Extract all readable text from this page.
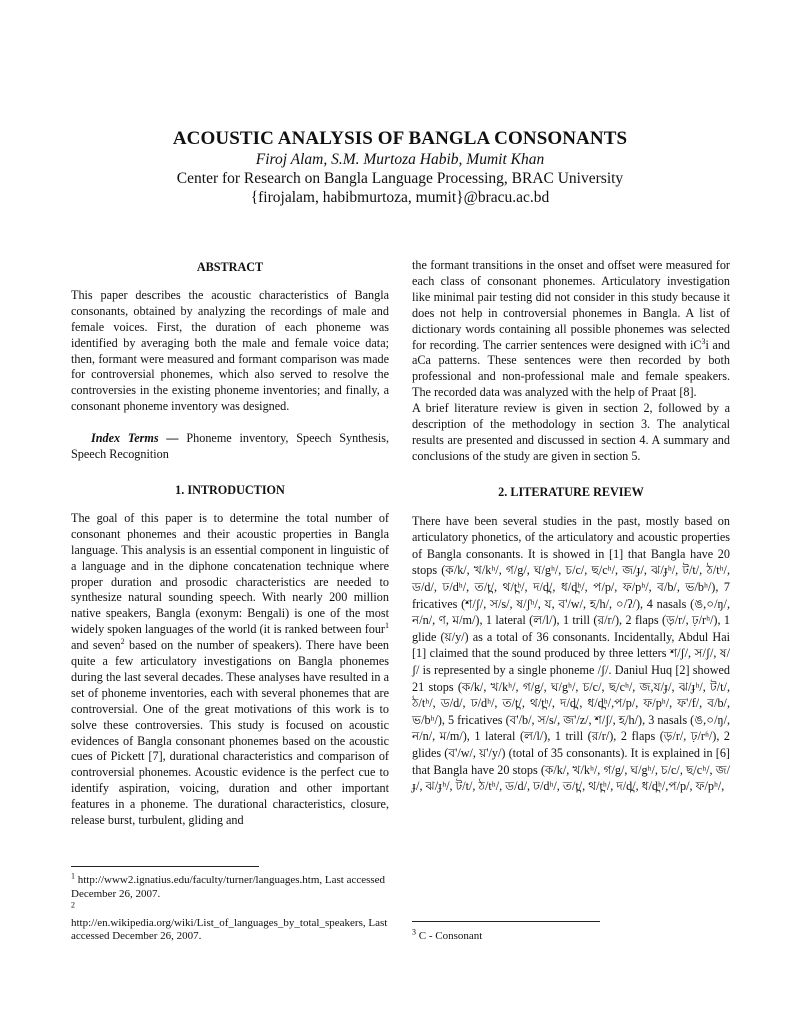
ACOUSTIC ANALYSIS OF BANGLA CONSONANTS
Firoj Alam, S.M. Murtoza Habib, Mumit Khan
Center for Research on Bangla Language Processing, BRAC University
{firojalam, habibmurtoza, mumit}@bracu.ac.bd
ABSTRACT

This paper describes the acoustic characteristics of Bangla consonants, obtained by analyzing the recordings of male and female voices. First, the duration of each phoneme was identified by averaging both the male and female voice data; then, formant were measured and formant comparison was made for controversial phonemes, which also served to resolve the controversies in the existing phoneme inventories; and finally, a consonant phoneme inventory was designed.

Index Terms — Phoneme inventory, Speech Synthesis, Speech Recognition

1. INTRODUCTION

The goal of this paper is to determine the total number of consonant phonemes and their acoustic properties in Bangla language. This analysis is an essential component in linguistic of a language and in the diphone concatenation technique where proper duration and prosodic characteristics are needed to synthesize natural sounding speech. With nearly 200 million native speakers, Bangla (exonym: Bengali) is one of the most widely spoken languages of the world (it is ranked between four$^1$ and seven$^2$ based on the number of speakers). There have been quite a few articulatory investigations on Bangla phonemes during the last several decades. These analyses have resulted in a set of phoneme inventories, each with several phonemes that are controversial. One of the great motivations of this work is to solve these controversies. This study is focused on acoustic evidences of Bangla consonant phonemes based on the acoustic cues of Pickett [7], durational characteristics and comparison of controversial phonemes. Acoustic evidence is the perfect cue to identify aspiration, voicing, duration and other important features in a phoneme. The durational characteristics, closure, release burst, turbulent, gliding and

$^1$ http://www2.ignatius.edu/faculty/turner/languages.htm, Last accessed December 26, 2007.
$^2$
http://en.wikipedia.org/wiki/List_of_languages_by_total_speakers, Last accessed December 26, 2007.

the formant transitions in the onset and offset were measured for each class of consonant phonemes. Articulatory investigation like minimal pair testing did not consider in this study because it does not help in controversial phonemes in Bangla. A list of dictionary words containing all possible phonemes was selected for recording. The carrier sentences were designed with $iC^3i$ and aCa patterns. These sentences were then recorded by both professional and non-professional male and female speakers. The recorded data was analyzed with the help of Praat [8].

A brief literature review is given in section 2, followed by a description of the methodology in section 3. The analytical results are presented and discussed in section 4. A summary and conclusions of the study are given in section 5.

2. LITERATURE REVIEW

There have been several studies in the past, mostly based on articulatory phonetics, of the articulatory and acoustic properties of Bangla consonants. It is showed in [1] that Bangla have 20 stops (ক/k/, খ/kʰ/, গ/g/, ঘ/gʰ/, চ/c/, ছ/cʰ/, জ/ɟ/, ঝ/ɟʰ/, ট/t/, ঠ/tʰ/, ড/d/, ঢ/dʰ/, ত/t̪/, থ/t̪ʰ/, দ/d̪/, ধ/d̪ʰ/, প/p/, ফ/pʰ/, ব/b/, ভ/bʰ/), 7 fricatives (শ/ʃ/, স/s/, ষ/ʃʰ/, য, ব'/w/, হ/h/, ০/ʔ/), 4 nasals (ঙ,০/ŋ/, ন/n/, ণ, ম/m/), 1 lateral (ল/l/), 1 trill (র/r/), 2 flaps (ড়/r/, ঢ়/rʰ/), 1 glide (য়/y/) as a total of 36 consonants. Incidentally, Abdul Hai [1] claimed that the sound produced by three letters শ/ʃ/, স/ʃ/, ষ/ʃ/ is represented by a single phoneme /ʃ/. Daniul Huq [2] showed 21 stops (ক/k/, খ/kʰ/, গ/g/, ঘ/gʰ/, চ/c/, ছ/cʰ/, জ,য/ɟ/, ঝ/ɟʰ/, ট/t/, ঠ/tʰ/, ড/d/, ঢ/dʰ/, ত/t̪/, থ/t̪ʰ/, দ/d̪/, ধ/d̪ʰ/,প/p/, ফ/pʰ/, ফ'/f/, ব/b/, ভ/bʰ/), 5 fricatives (ব'/b/, স/s/, জ'/z/, শ/ʃ/, হ/h/), 3 nasals (ঙ,০/ŋ/, ন/n/, ম/m/), 1 lateral (ল/l/), 1 trill (র/r/), 2 flaps (ড়/r/, ঢ়/rʱ/), 2 glides (ব'/w/, য়'/y/) (total of 35 consonants). It is explained in [6] that Bangla have 20 stops (ক/k/, খ/kʰ/, গ/g/, ঘ/gʰ/, চ/c/, ছ/cʰ/, জ/ɟ/, ঝ/ɟʰ/, ট/t/, ঠ/tʰ/, ড/d/, ঢ/dʰ/, ত/t̪/, থ/t̪ʰ/, দ/d̪/, ধ/d̪ʰ/,প/p/, ফ/pʰ/,

$^3$ C - Consonant
